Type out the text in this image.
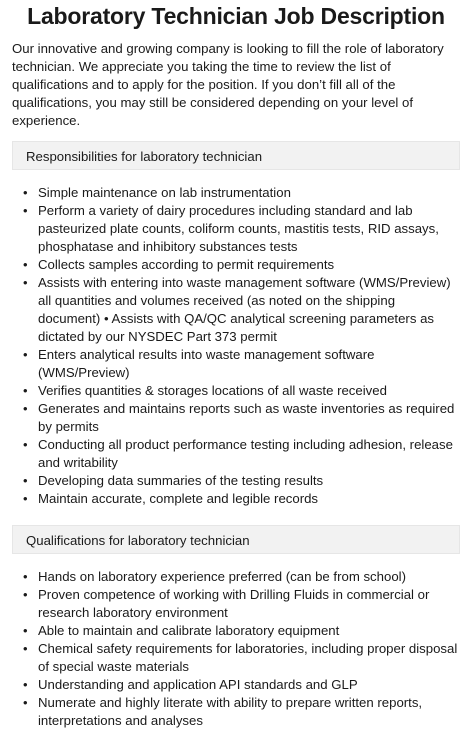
Laboratory Technician Job Description

Our innovative and growing company is looking to fill the role of laboratory technician. We appreciate you taking the time to review the list of qualifications and to apply for the position. If you don’t fill all of the qualifications, you may still be considered depending on your level of experience.

Responsibilities for laboratory technician
• Simple maintenance on lab instrumentation
• Perform a variety of dairy procedures including standard and lab pasteurized plate counts, coliform counts, mastitis tests, RID assays, phosphatase and inhibitory substances tests
• Collects samples according to permit requirements
• Assists with entering into waste management software (WMS/Preview) all quantities and volumes received (as noted on the shipping document) • Assists with QA/QC analytical screening parameters as dictated by our NYSDEC Part 373 permit
• Enters analytical results into waste management software (WMS/Preview)
• Verifies quantities & storages locations of all waste received
• Generates and maintains reports such as waste inventories as required by permits
• Conducting all product performance testing including adhesion, release and writability
• Developing data summaries of the testing results
• Maintain accurate, complete and legible records
Qualifications for laboratory technician
• Hands on laboratory experience preferred (can be from school)
• Proven competence of working with Drilling Fluids in commercial or research laboratory environment
• Able to maintain and calibrate laboratory equipment
• Chemical safety requirements for laboratories, including proper disposal of special waste materials
• Understanding and application API standards and GLP
• Numerate and highly literate with ability to prepare written reports, interpretations and analyses
